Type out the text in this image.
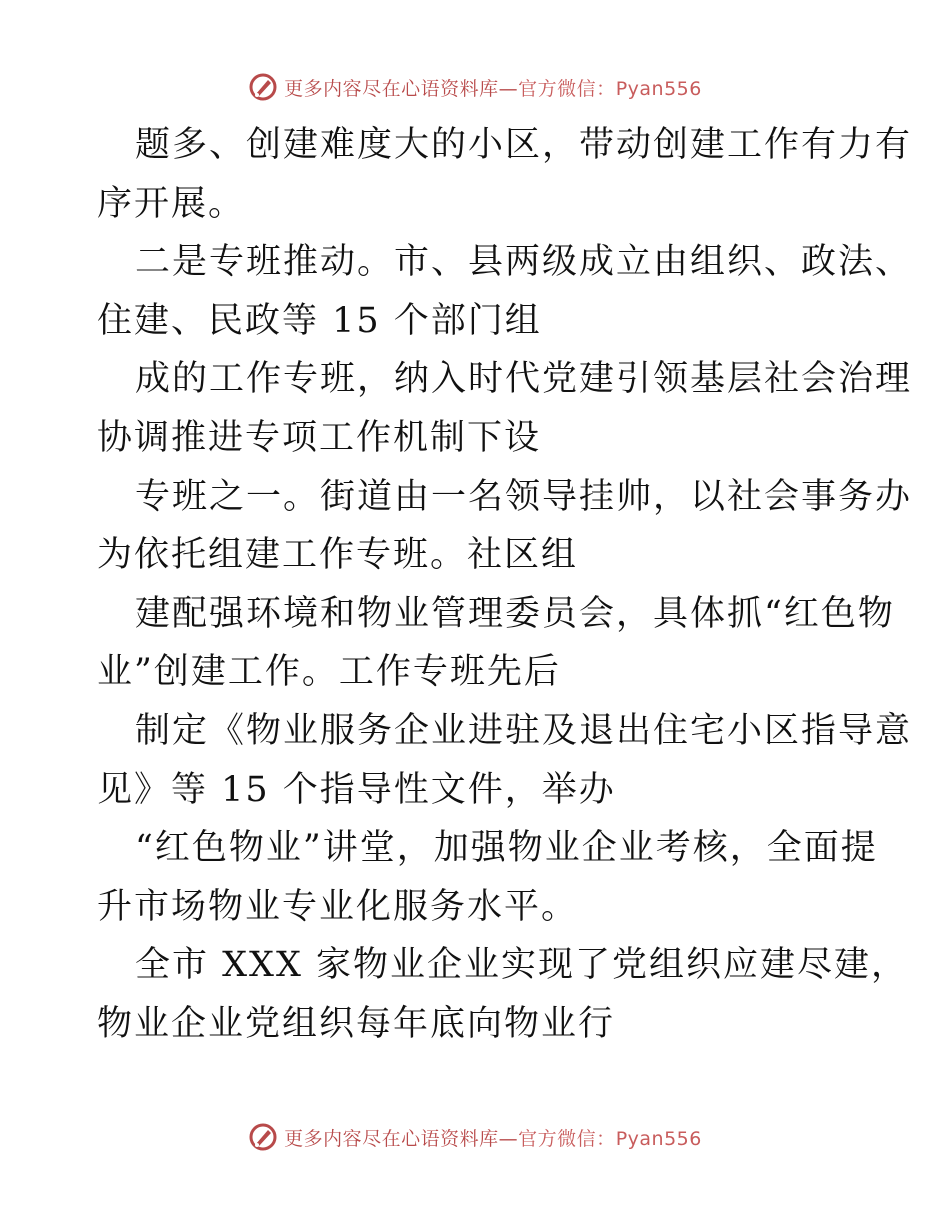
更多内容尽在心语资料库—官方微信：Pyan556
题多、创建难度大的小区，带动创建工作有力有
序开展。
二是专班推动。市、县两级成立由组织、政法、
住建、民政等 15 个部门组
成的工作专班，纳入时代党建引领基层社会治理
协调推进专项工作机制下设
专班之一。街道由一名领导挂帅，以社会事务办
为依托组建工作专班。社区组
建配强环境和物业管理委员会，具体抓“红色物
业”创建工作。工作专班先后
制定《物业服务企业进驻及退出住宅小区指导意
见》等 15 个指导性文件，举办
“红色物业”讲堂，加强物业企业考核，全面提
升市场物业专业化服务水平。
全市 XXX 家物业企业实现了党组织应建尽建，
物业企业党组织每年底向物业行
更多内容尽在心语资料库—官方微信：Pyan556
